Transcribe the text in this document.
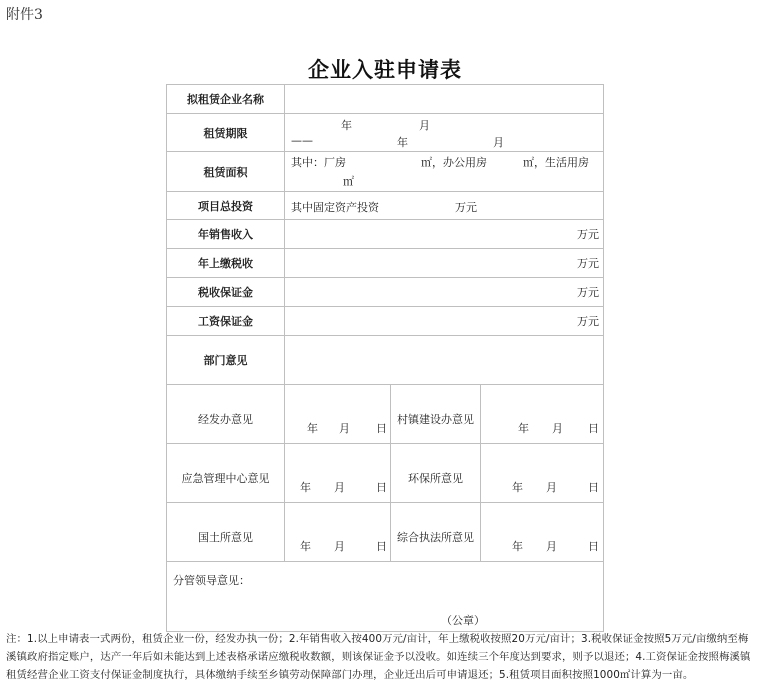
附件3
企业入驻申请表
拟租赁企业名称			
租赁期限	年 月
—— 年 月		

租赁面积	其中：厂房 ㎡，办公用房 ㎡，生活用房
㎡		

项目总投资	其中固定资产投资 万元		

年销售收入	万元		
年上缴税收	万元		
税收保证金	万元		
工资保证金	万元		
部门意见			

经发办意见	年 月 日	村镇建设办意见	年 月 日

应急管理中心意见	年 月 日	环保所意见	年 月 日

国土所意见	年 月 日	综合执法所意见	年 月 日

分管领导意见：
（公章）			
注：1.以上申请表一式两份，租赁企业一份，经发办执一份；2.年销售收入按400万元/亩计，年上缴税收按照20万元/亩计；3.税收保证金按照5万元/亩缴纳至梅
溪镇政府指定账户，达产一年后如未能达到上述表格承诺应缴税收数额，则该保证金予以没收。如连续三个年度达到要求，则予以退还；4.工资保证金按照梅溪镇
租赁经营企业工资支付保证金制度执行，具体缴纳手续至乡镇劳动保障部门办理，企业迁出后可申请退还；5.租赁项目面积按照1000㎡计算为一亩。
